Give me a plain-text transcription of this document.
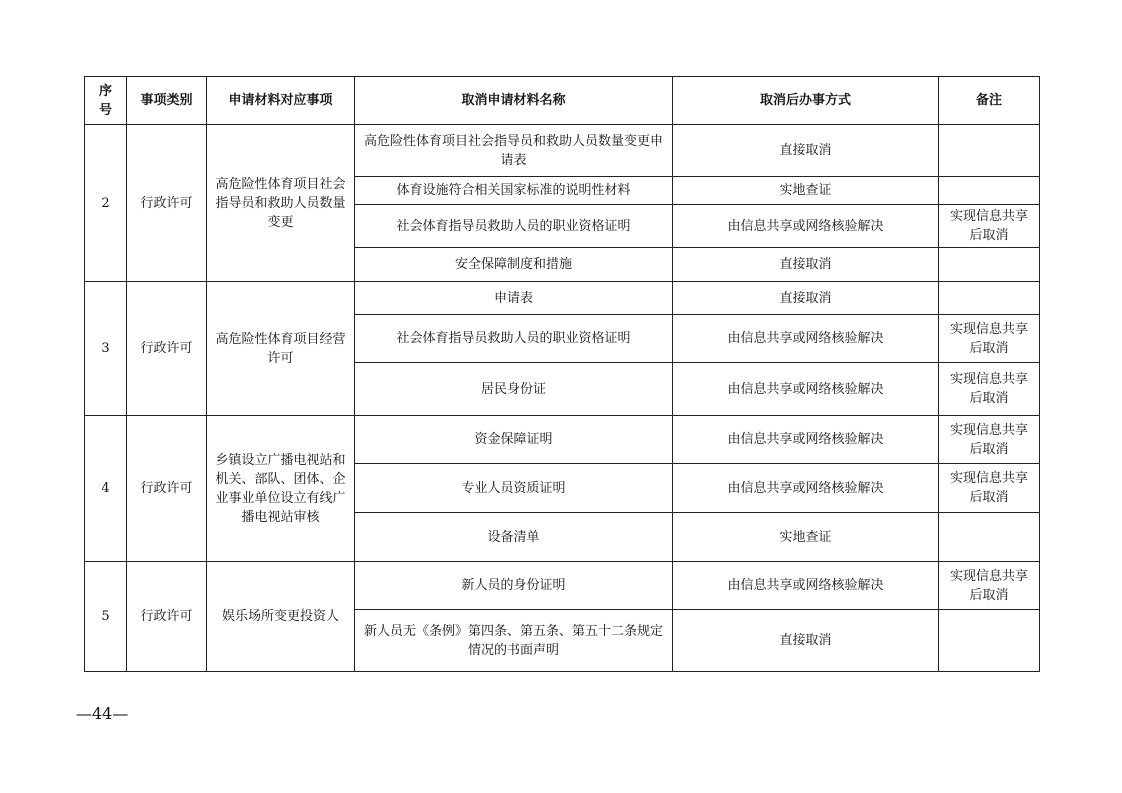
序号	事项类别	申请材料对应事项	取消申请材料名称	取消后办事方式	备注
2	行政许可	高危险性体育项目社会指导员和救助人员数量变更	高危险性体育项目社会指导员和救助人员数量变更申请表	直接取消	
			体育设施符合相关国家标准的说明性材料	实地查证	
			社会体育指导员救助人员的职业资格证明	由信息共享或网络核验解决	实现信息共享后取消
			安全保障制度和措施	直接取消	
3	行政许可	高危险性体育项目经营许可	申请表	直接取消	
			社会体育指导员救助人员的职业资格证明	由信息共享或网络核验解决	实现信息共享后取消
			居民身份证	由信息共享或网络核验解决	实现信息共享后取消
4	行政许可	乡镇设立广播电视站和机关、部队、团体、企业事业单位设立有线广播电视站审核	资金保障证明	由信息共享或网络核验解决	实现信息共享后取消
			专业人员资质证明	由信息共享或网络核验解决	实现信息共享后取消
			设备清单	实地查证	
5	行政许可	娱乐场所变更投资人	新人员的身份证明	由信息共享或网络核验解决	实现信息共享后取消
			新人员无《条例》第四条、第五条、第五十二条规定情况的书面声明	直接取消	
—44—
